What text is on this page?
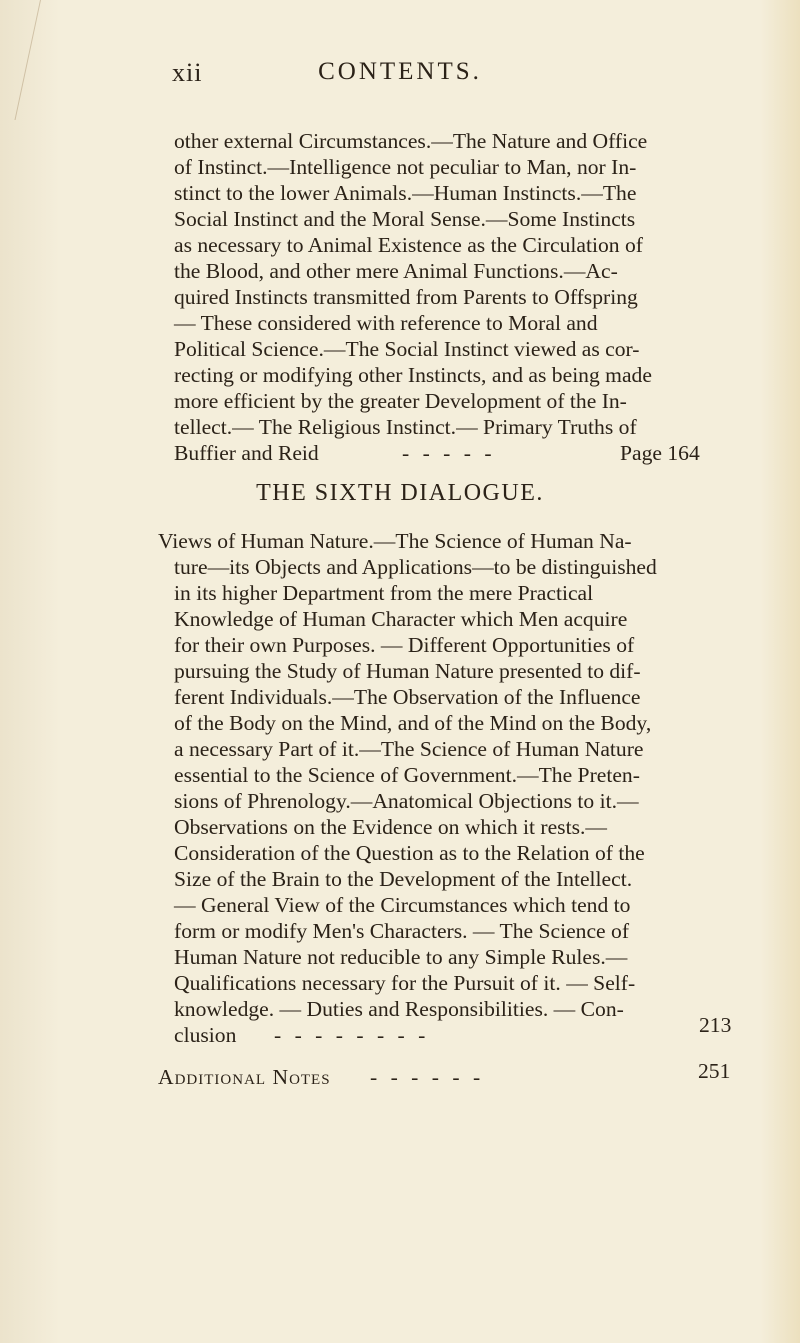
xii	CONTENTS.
other external Circumstances.—The Nature and Office
of Instinct.—Intelligence not peculiar to Man, nor In-
stinct to the lower Animals.—Human Instincts.—The
Social Instinct and the Moral Sense.—Some Instincts
as necessary to Animal Existence as the Circulation of
the Blood, and other mere Animal Functions.—Ac-
quired Instincts transmitted from Parents to Offspring
— These considered with reference to Moral and
Political Science.—The Social Instinct viewed as cor-
recting or modifying other Instincts, and as being made
more efficient by the greater Development of the In-
tellect.— The Religious Instinct.— Primary Truths of
Buffier and Reid	- - - - -	Page 164
THE SIXTH DIALOGUE.
Views of Human Nature.—The Science of Human Na-
ture—its Objects and Applications—to be distinguished
in its higher Department from the mere Practical
Knowledge of Human Character which Men acquire
for their own Purposes. — Different Opportunities of
pursuing the Study of Human Nature presented to dif-
ferent Individuals.—The Observation of the Influence
of the Body on the Mind, and of the Mind on the Body,
a necessary Part of it.—The Science of Human Nature
essential to the Science of Government.—The Preten-
sions of Phrenology.—Anatomical Objections to it.—
Observations on the Evidence on which it rests.—
Consideration of the Question as to the Relation of the
Size of the Brain to the Development of the Intellect.
— General View of the Circumstances which tend to
form or modify Men's Characters. — The Science of
Human Nature not reducible to any Simple Rules.—
Qualifications necessary for the Pursuit of it. — Self-
knowledge. — Duties and Responsibilities. — Con-
clusion - - - - - - - -	213
Additional Notes - - - - - -	251
